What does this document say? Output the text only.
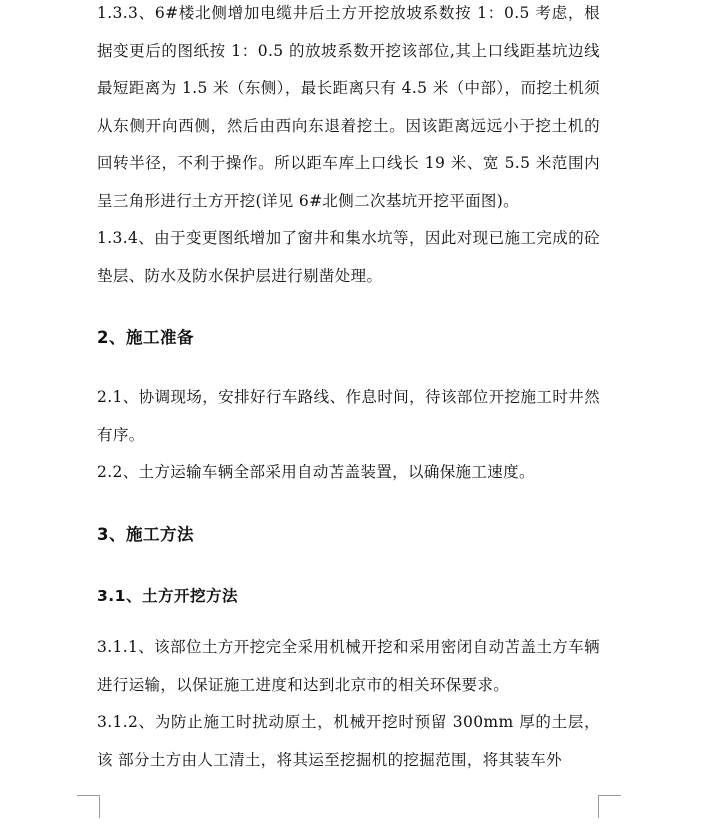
1.3.3、6#楼北侧增加电缆井后土方开挖放坡系数按 1：0.5 考虑，根据变更后的图纸按 1：0.5 的放坡系数开挖该部位,其上口线距基坑边线最短距离为 1.5 米（东侧），最长距离只有 4.5 米（中部），而挖土机须从东侧开向西侧，然后由西向东退着挖土。因该距离远远小于挖土机的回转半径，不利于操作。所以距车库上口线长 19 米、宽 5.5 米范围内呈三角形进行土方开挖(详见 6#北侧二次基坑开挖平面图)。

1.3.4、由于变更图纸增加了窗井和集水坑等，因此对现已施工完成的砼垫层、防水及防水保护层进行剔凿处理。

2、施工准备

2.1、协调现场，安排好行车路线、作息时间，待该部位开挖施工时井然有序。

2.2、土方运输车辆全部采用自动苫盖装置，以确保施工速度。

3、施工方法
3.1、土方开挖方法

3.1.1、该部位土方开挖完全采用机械开挖和采用密闭自动苫盖土方车辆进行运输，以保证施工进度和达到北京市的相关环保要求。

3.1.2、为防止施工时扰动原土，机械开挖时预留 300mm 厚的土层，该 部分土方由人工清土，将其运至挖掘机的挖掘范围，将其装车外
